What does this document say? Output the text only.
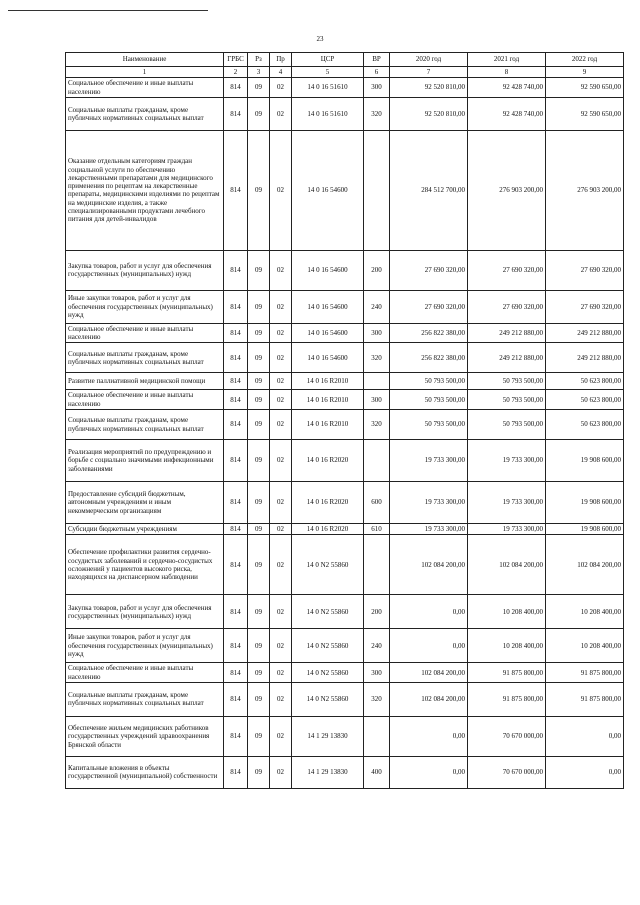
23
Наименование	ГРБС	Рз	Пр	ЦСР	ВР	2020 год	2021 год	2022 год
1	2	3	4	5	6	7	8	9
Социальное обеспечение и иные выплаты населению	814	09	02	14 0 16 51610	300	92 520 810,00	92 428 740,00	92 590 650,00
Социальные выплаты гражданам, кроме публичных нормативных социальных выплат	814	09	02	14 0 16 51610	320	92 520 810,00	92 428 740,00	92 590 650,00
Оказание отдельным категориям граждан социальной услуги по обеспечению лекарственными препаратами для медицинского применения по рецептам на лекарственные препараты, медицинскими изделиями по рецептам на медицинские изделия, а также специализированными продуктами лечебного питания для детей-инвалидов	814	09	02	14 0 16 54600		284 512 700,00	276 903 200,00	276 903 200,00
Закупка товаров, работ и услуг для обеспечения государственных (муниципальных) нужд	814	09	02	14 0 16 54600	200	27 690 320,00	27 690 320,00	27 690 320,00
Иные закупки товаров, работ и услуг для обеспечения государственных (муниципальных) нужд	814	09	02	14 0 16 54600	240	27 690 320,00	27 690 320,00	27 690 320,00
Социальное обеспечение и иные выплаты населению	814	09	02	14 0 16 54600	300	256 822 380,00	249 212 880,00	249 212 880,00
Социальные выплаты гражданам, кроме публичных нормативных социальных выплат	814	09	02	14 0 16 54600	320	256 822 380,00	249 212 880,00	249 212 880,00
Развитие паллиативной медицинской помощи	814	09	02	14 0 16 R2010		50 793 500,00	50 793 500,00	50 623 800,00
Социальное обеспечение и иные выплаты населению	814	09	02	14 0 16 R2010	300	50 793 500,00	50 793 500,00	50 623 800,00
Социальные выплаты гражданам, кроме публичных нормативных социальных выплат	814	09	02	14 0 16 R2010	320	50 793 500,00	50 793 500,00	50 623 800,00
Реализация мероприятий по предупреждению и борьбе с социально значимыми инфекционными заболеваниями	814	09	02	14 0 16 R2020		19 733 300,00	19 733 300,00	19 908 600,00
Предоставление субсидий бюджетным, автономным учреждениям и иным некоммерческим организациям	814	09	02	14 0 16 R2020	600	19 733 300,00	19 733 300,00	19 908 600,00
Субсидии бюджетным учреждениям	814	09	02	14 0 16 R2020	610	19 733 300,00	19 733 300,00	19 908 600,00
Обеспечение профилактики развития сердечно-сосудистых заболеваний и сердечно-сосудистых осложнений у пациентов высокого риска, находящихся на диспансерном наблюдении	814	09	02	14 0 N2 55860		102 084 200,00	102 084 200,00	102 084 200,00
Закупка товаров, работ и услуг для обеспечения государственных (муниципальных) нужд	814	09	02	14 0 N2 55860	200	0,00	10 208 400,00	10 208 400,00
Иные закупки товаров, работ и услуг для обеспечения государственных (муниципальных) нужд	814	09	02	14 0 N2 55860	240	0,00	10 208 400,00	10 208 400,00
Социальное обеспечение и иные выплаты населению	814	09	02	14 0 N2 55860	300	102 084 200,00	91 875 800,00	91 875 800,00
Социальные выплаты гражданам, кроме публичных нормативных социальных выплат	814	09	02	14 0 N2 55860	320	102 084 200,00	91 875 800,00	91 875 800,00
Обеспечение жильем медицинских работников государственных учреждений здравоохранения Брянской области	814	09	02	14 1 29 13830		0,00	70 670 000,00	0,00
Капитальные вложения в объекты государственной (муниципальной) собственности	814	09	02	14 1 29 13830	400	0,00	70 670 000,00	0,00
